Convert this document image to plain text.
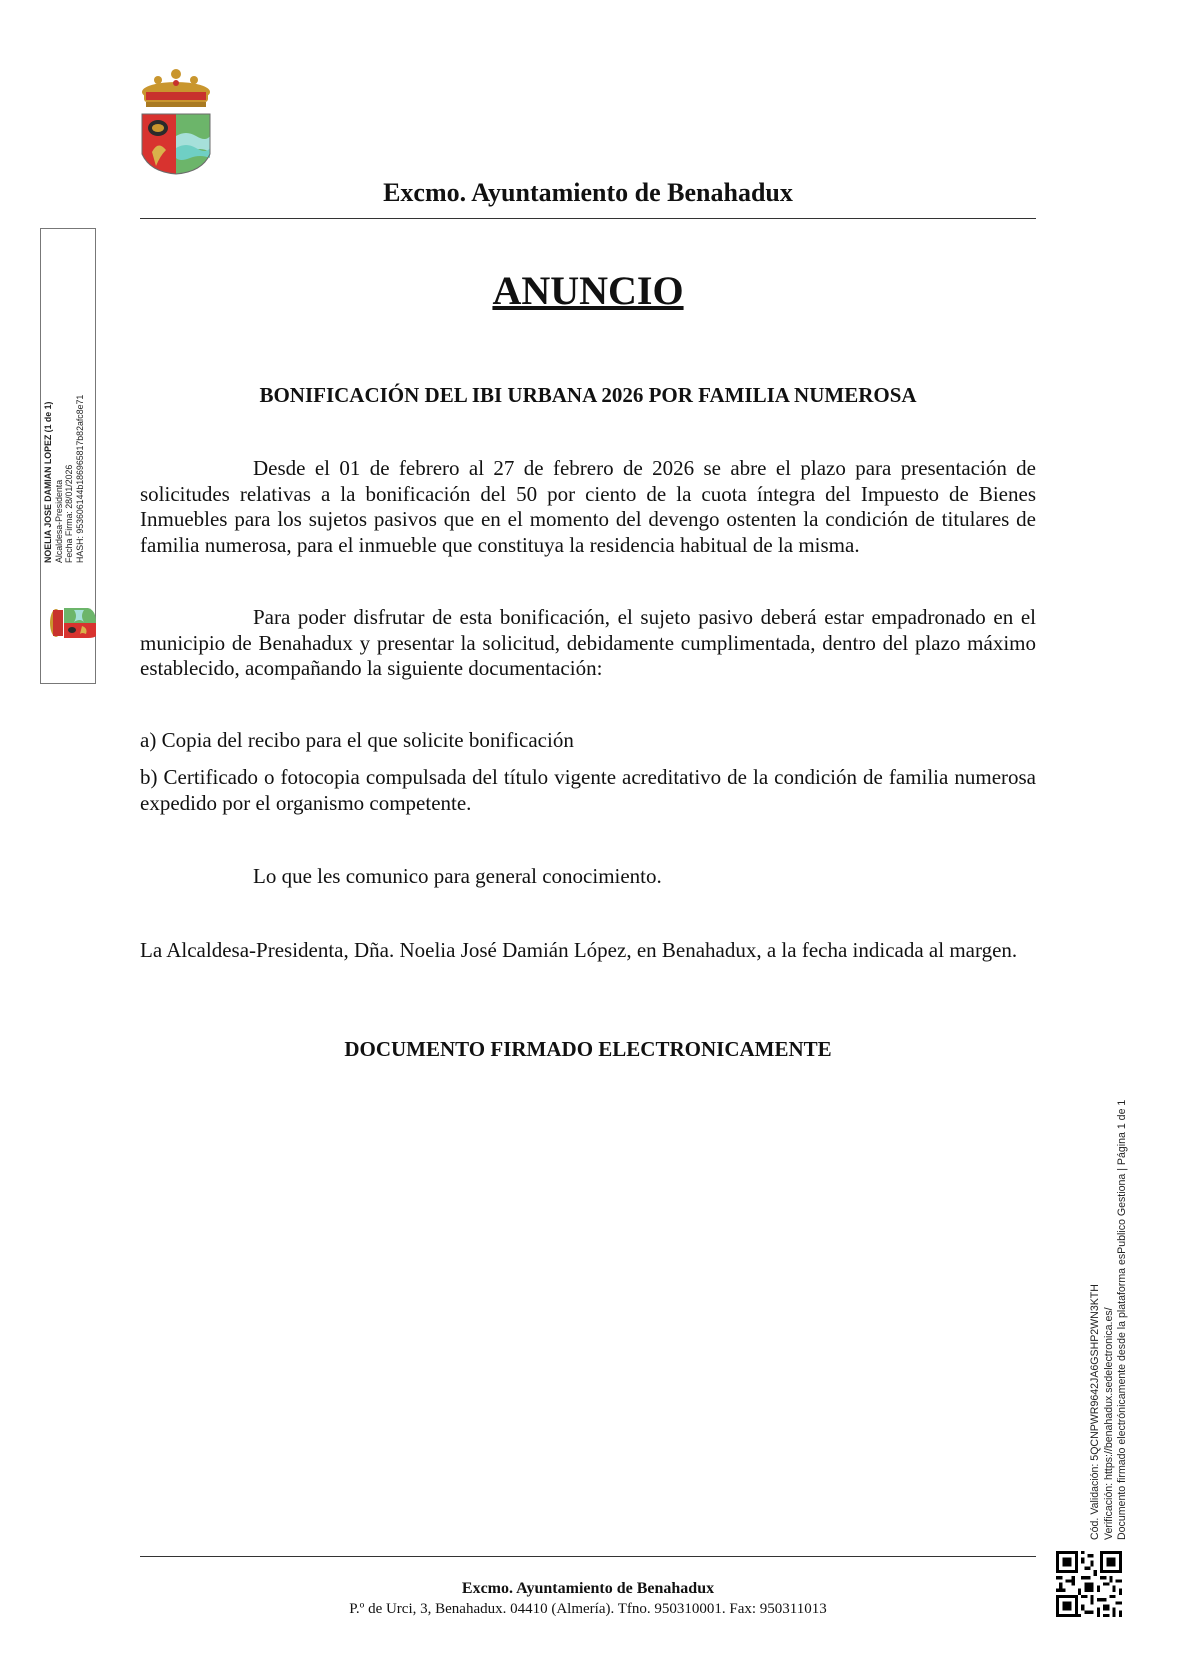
Excmo. Ayuntamiento de Benahadux
ANUNCIO
BONIFICACIÓN DEL IBI URBANA 2026 POR FAMILIA NUMEROSA

Desde el 01 de febrero al 27 de febrero de 2026 se abre el plazo para presentación de solicitudes relativas a la bonificación del 50 por ciento de la cuota íntegra del Impuesto de Bienes Inmuebles para los sujetos pasivos que en el momento del devengo ostenten la condición de titulares de familia numerosa, para el inmueble que constituya la residencia habitual de la misma.

Para poder disfrutar de esta bonificación, el sujeto pasivo deberá estar empadronado en el municipio de Benahadux y presentar la solicitud, debidamente cumplimentada, dentro del plazo máximo establecido, acompañando la siguiente documentación:

a) Copia del recibo para el que solicite bonificación

b) Certificado o fotocopia compulsada del título vigente acreditativo de la condición de familia numerosa expedido por el organismo competente.

Lo que les comunico para general conocimiento.

La Alcaldesa-Presidenta, Dña. Noelia José Damián López, en Benahadux, a la fecha indicada al margen.

DOCUMENTO FIRMADO ELECTRONICAMENTE
NOELIA JOSE DAMIAN LOPEZ (1 de 1) Alcaldesa-Presidenta Fecha Firma: 28/01/2026 HASH: 953606144b186965817b82afc8e71
Cód. Validación: 5QCNPWR9642JA6GSHP2WN3KTH Verificación: https://benahadux.sedelectronica.es/ Documento firmado electrónicamente desde la plataforma esPublico Gestiona | Página 1 de 1
Excmo. Ayuntamiento de Benahadux
P.º de Urci, 3, Benahadux. 04410 (Almería). Tfno. 950310001. Fax: 950311013
